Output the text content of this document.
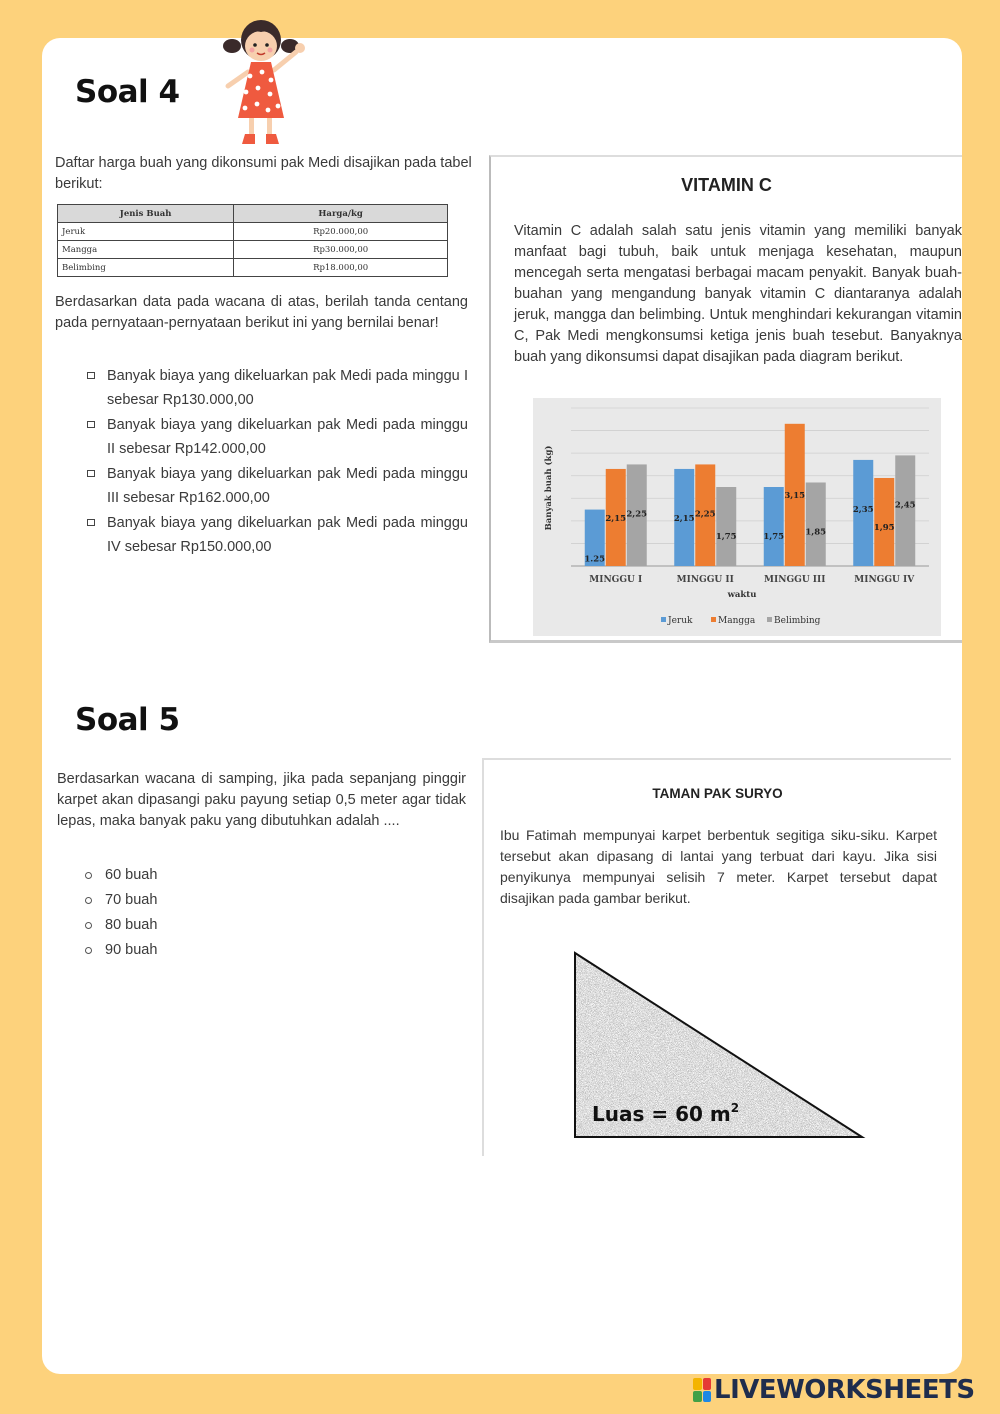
Soal 4
Daftar harga buah yang dikonsumi pak Medi disajikan pada tabel berikut:
Jenis Buah	Harga/kg
Jeruk	Rp20.000,00
Mangga	Rp30.000,00
Belimbing	Rp18.000,00
Berdasarkan data pada wacana di atas, berilah tanda centang pada pernyataan-pernyataan berikut ini yang bernilai benar!
Banyak biaya yang dikeluarkan pak Medi pada minggu I sebesar Rp130.000,00
Banyak biaya yang dikeluarkan pak Medi pada minggu II sebesar Rp142.000,00
Banyak biaya yang dikeluarkan pak Medi pada minggu III sebesar Rp162.000,00
Banyak biaya yang dikeluarkan pak Medi pada minggu IV sebesar Rp150.000,00
VITAMIN C
Vitamin C adalah salah satu jenis vitamin yang memiliki banyak manfaat bagi tubuh, baik untuk menjaga kesehatan, maupun mencegah serta mengatasi berbagai macam penyakit. Banyak buah-buahan yang mengandung banyak vitamin C diantaranya adalah jeruk, mangga dan belimbing. Untuk menghindari kekurangan vitamin C, Pak Medi mengkonsumsi ketiga jenis buah tesebut. Banyaknya buah yang dikonsumsi dapat disajikan pada diagram berikut.
1.25
2,15 2,25	2,15 2,25
1,75	1,75
3,15
1,85
2,35
1,95
2,45
MINGGU I	MINGGU II	MINGGU III	MINGGU IV
Banyak buah (kg)
waktu
Jeruk	Mangga Belimbing
Soal 5
Berdasarkan wacana di samping, jika pada sepanjang pinggir karpet akan dipasangi paku payung setiap 0,5 meter agar tidak lepas, maka banyak paku yang dibutuhkan adalah ....
60 buah
70 buah
80 buah
90 buah
TAMAN PAK SURYO
Ibu Fatimah mempunyai karpet berbentuk segitiga siku-siku. Karpet tersebut akan dipasang di lantai yang terbuat dari kayu. Jika sisi penyikunya mempunyai selisih 7 meter. Karpet tersebut dapat disajikan pada gambar berikut.
Luas = 60 $m^2$
LIVEWORKSHEETS
